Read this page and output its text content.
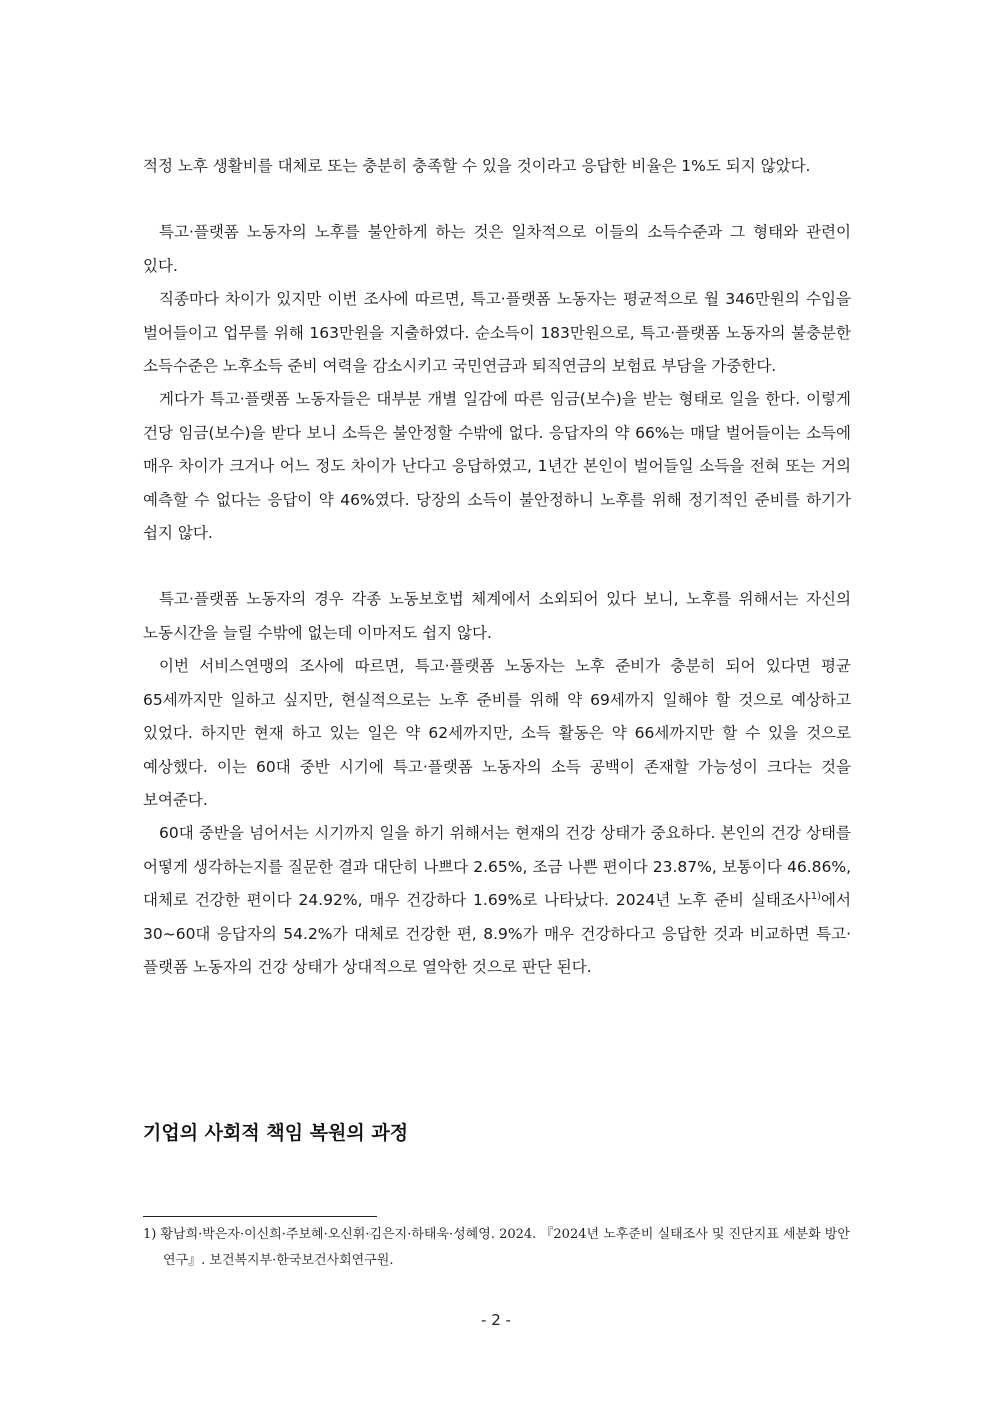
적정 노후 생활비를 대체로 또는 충분히 충족할 수 있을 것이라고 응답한 비율은 1%도 되지 않았다.

특고·플랫폼 노동자의 노후를 불안하게 하는 것은 일차적으로 이들의 소득수준과 그 형태와 관련이 있다.

직종마다 차이가 있지만 이번 조사에 따르면, 특고·플랫폼 노동자는 평균적으로 월 346만원의 수입을 벌어들이고 업무를 위해 163만원을 지출하였다. 순소득이 183만원으로, 특고·플랫폼 노동자의 불충분한 소득수준은 노후소득 준비 여력을 감소시키고 국민연금과 퇴직연금의 보험료 부담을 가중한다.

게다가 특고·플랫폼 노동자들은 대부분 개별 일감에 따른 임금(보수)을 받는 형태로 일을 한다. 이렇게 건당 임금(보수)을 받다 보니 소득은 불안정할 수밖에 없다. 응답자의 약 66%는 매달 벌어들이는 소득에 매우 차이가 크거나 어느 정도 차이가 난다고 응답하였고, 1년간 본인이 벌어들일 소득을 전혀 또는 거의 예측할 수 없다는 응답이 약 46%였다. 당장의 소득이 불안정하니 노후를 위해 정기적인 준비를 하기가 쉽지 않다.

특고·플랫폼 노동자의 경우 각종 노동보호법 체계에서 소외되어 있다 보니, 노후를 위해서는 자신의 노동시간을 늘릴 수밖에 없는데 이마저도 쉽지 않다.

이번 서비스연맹의 조사에 따르면, 특고·플랫폼 노동자는 노후 준비가 충분히 되어 있다면 평균 65세까지만 일하고 싶지만, 현실적으로는 노후 준비를 위해 약 69세까지 일해야 할 것으로 예상하고 있었다. 하지만 현재 하고 있는 일은 약 62세까지만, 소득 활동은 약 66세까지만 할 수 있을 것으로 예상했다. 이는 60대 중반 시기에 특고·플랫폼 노동자의 소득 공백이 존재할 가능성이 크다는 것을 보여준다.

60대 중반을 넘어서는 시기까지 일을 하기 위해서는 현재의 건강 상태가 중요하다. 본인의 건강 상태를 어떻게 생각하는지를 질문한 결과 대단히 나쁘다 2.65%, 조금 나쁜 편이다 23.87%, 보통이다 46.86%, 대체로 건강한 편이다 24.92%, 매우 건강하다 1.69%로 나타났다. 2024년 노후 준비 실태조사$^{1)}$에서 30~60대 응답자의 54.2%가 대체로 건강한 편, 8.9%가 매우 건강하다고 응답한 것과 비교하면 특고·플랫폼 노동자의 건강 상태가 상대적으로 열악한 것으로 판단 된다.

기업의 사회적 책임 복원의 과정

1) 황남희·박은자·이신희·주보혜·오신휘·김은지·하태욱·성혜영. 2024. 『2024년 노후준비 실태조사 및 진단지표 세분화 방안 연구』. 보건복지부·한국보건사회연구원.

- 2 -
